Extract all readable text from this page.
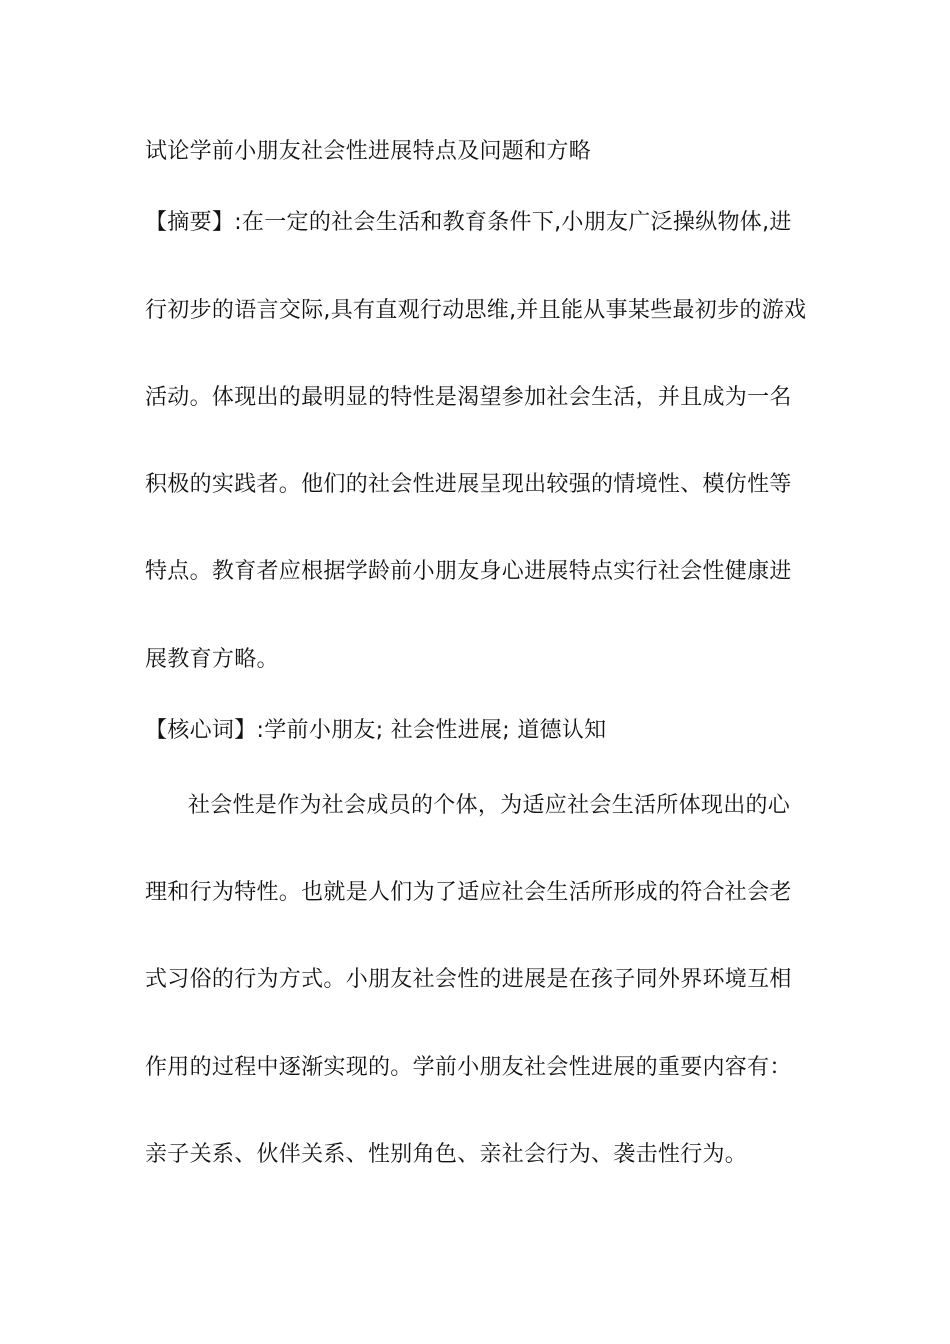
试论学前小朋友社会性进展特点及问题和方略
【摘要】:在一定的社会生活和教育条件下,小朋友广泛操纵物体,进
行初步的语言交际,具有直观行动思维,并且能从事某些最初步的游戏
活动。体现出的最明显的特性是渴望参加社会生活，并且成为一名
积极的实践者。他们的社会性进展呈现出较强的情境性、模仿性等
特点。教育者应根据学龄前小朋友身心进展特点实行社会性健康进
展教育方略。
【核心词】:学前小朋友; 社会性进展; 道德认知
社会性是作为社会成员的个体，为适应社会生活所体现出的心
理和行为特性。也就是人们为了适应社会生活所形成的符合社会老
式习俗的行为方式。小朋友社会性的进展是在孩子同外界环境互相
作用的过程中逐渐实现的。学前小朋友社会性进展的重要内容有：
亲子关系、伙伴关系、性别角色、亲社会行为、袭击性行为。
